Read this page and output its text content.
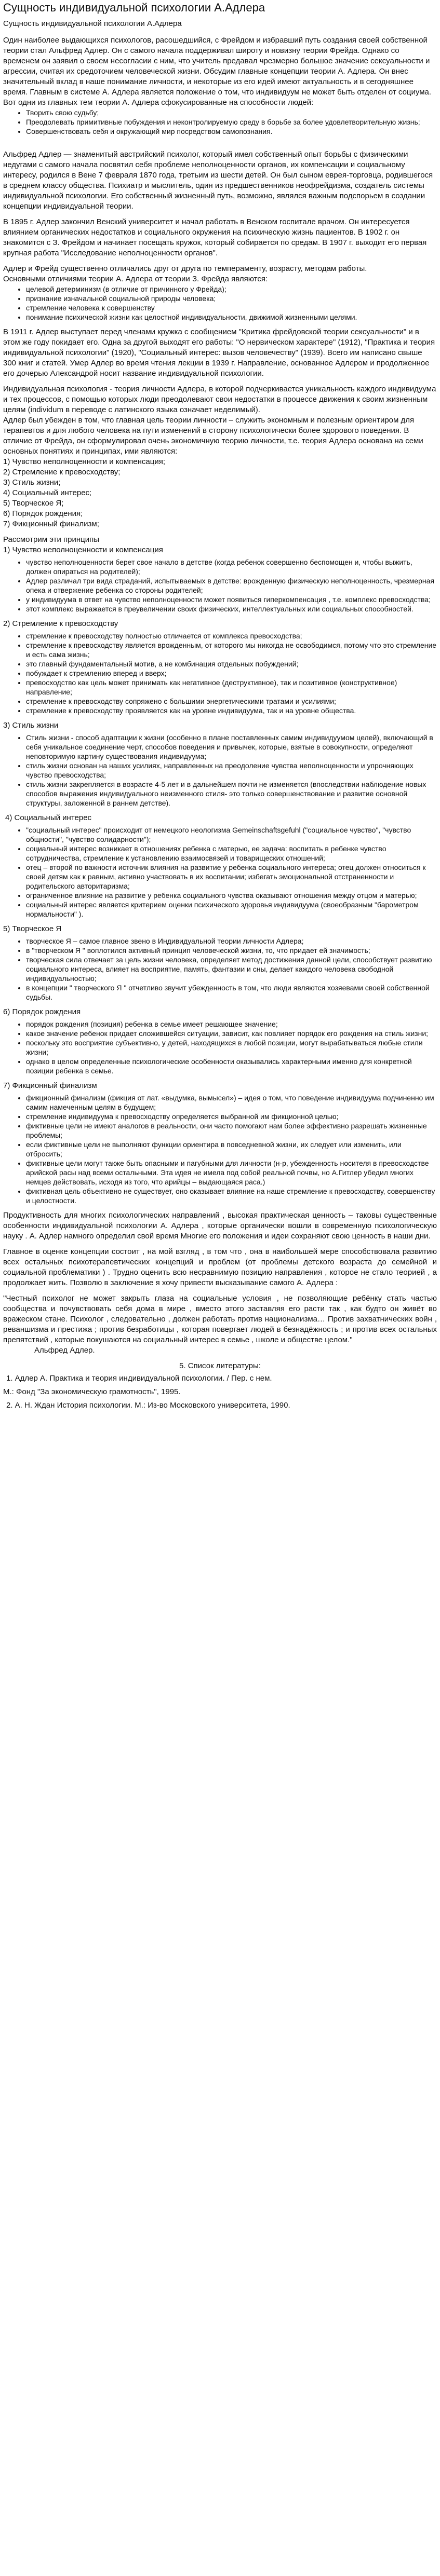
Сущность индивидуальной психологии А.Адлера
Сущность индивидуальной психологии А.Адлера

Один наиболее выдающихся психологов, расошедшийся, с Фрейдом и избравший путь создания своей собственной теории стал Альфред Адлер. Он с самого начала поддерживал широту и новизну теории Фрейда. Однако со временем он заявил о своем несогласии с ним, что учитель предавал чрезмерно большое значение сексуальности и агрессии, считая их средоточием человеческой жизни. Обсудим главные концепции теории А. Адлера. Он внес значительный вклад в наше понимание личности, и некоторые из его идей имеют актуальность и в сегодняшнее время. Главным в системе А. Адлера является положение о том, что индивидуум не может быть отделен от социума. Вот одни из главных тем теории А. Адлера сфокусированные на способности людей:

• Творить свою судьбу;
• Преодолевать примитивные побуждения и неконтролируемую среду в борьбе за более удовлетворительную жизнь;
• Совершенствовать себя и окружающий мир посредством самопознания.

Альфред Адлер — знаменитый австрийский психолог, который имел собственный опыт борьбы с физическими недугами с самого начала посвятил себя проблеме неполноценности органов, их компенсации и социальному интересу, родился в Вене 7 февраля 1870 года, третьим из шести детей. Он был сыном еврея-торговца, родившегося в среднем классу общества. Психиатр и мыслитель, один из предшественников неофрейдизма, создатель системы индивидуальной психологии. Его собственный жизненный путь, возможно, являлся важным подспорьем в создании концепции индивидуальной теории.

В 1895 г. Адлер закончил Венский университет и начал работать в Венском госпитале врачом. Он интересуется влиянием органических недостатков и социального окружения на психическую жизнь пациентов. В 1902 г. он знакомится с З. Фрейдом и начинает посещать кружок, который собирается по средам. В 1907 г. выходит его первая крупная работа "Исследование неполноценности органов".

Адлер и Фрейд существенно отличались друг от друга по темпераменту, возрасту, методам работы.

Основными отличиями теории А. Адлера от теории З. Фрейда являются:

• целевой детерминизм (в отличие от причинного у Фрейда);
• признание изначальной социальной природы человека;
• стремление человека к совершенству
• понимание психической жизни как целостной индивидуальности, движимой жизненными целями.

В 1911 г. Адлер выступает перед членами кружка с сообщением "Критика фрейдовской теории сексуальности" и в этом же году покидает его. Одна за другой выходят его работы: "О нервическом характере" (1912), "Практика и теория индивидуальной психологии" (1920), "Социальный интерес: вызов человечеству" (1939). Всего им написано свыше 300 книг и статей. Умер Адлер во время чтения лекции в 1939 г. Направление, основанное Адлером и продолженное его дочерью Александрой носит название индивидуальной психологии.

Индивидуальная психология - теория личности Адлера, в которой подчеркивается уникальность каждого индивидуума и тех процессов, с помощью которых люди преодолевают свои недостатки в процессе движения к своим жизненным целям (individum в переводе с латинского языка означает неделимый).

Адлер был убежден в том, что главная цель теории личности – служить экономным и полезным ориентиром для терапевтов и для любого человека на пути изменений в сторону психологически более здорового поведения. В отличие от Фрейда, он сформулировал очень экономичную теорию личности, т.е. теория Адлера основана на семи основных понятиях и принципах, ими являются:

1) Чувство неполноценности и компенсация;

2) Стремление к превосходству;

3) Стиль жизни;

4) Социальный интерес;

5) Творческое Я;

6) Порядок рождения;

7) Фикционный финализм;

Рассмотрим эти принципы

1) Чувство неполноценности и компенсация
• чувство неполноценности берет свое начало в детстве (когда ребенок совершенно беспомощен и, чтобы выжить, должен опираться на родителей);
• Адлер различал три вида страданий, испытываемых в детстве: врожденную физическую неполноценность, чрезмерная опека и отвержение ребенка со стороны родителей;
• у индивидуума в ответ на чувство неполноценности может появиться гиперкомпенсация , т.е. комплекс превосходства;
• этот комплекс выражается в преувеличении своих физических, интеллектуальных или социальных способностей.
2) Стремление к превосходству
• стремление к превосходству полностью отличается от комплекса превосходства;
• стремление к превосходству является врожденным, от которого мы никогда не освободимся, потому что это стремление и есть сама жизнь;
• это главный фундаментальный мотив, а не комбинация отдельных побуждений;
• побуждает к стремлению вперед и вверх;
• превосходство как цель может принимать как негативное (деструктивное), так и позитивное (конструктивное) направление;
• стремление к превосходству сопряжено с большими энергетическими тратами и усилиями;
• стремление к превосходству проявляется как на уровне индивидуума, так и на уровне общества.
3) Стиль жизни
• Стиль жизни - способ адаптации к жизни (особенно в плане поставленных самим индивидуумом целей), включающий в себя уникальное соединение черт, способов поведения и привычек, которые, взятые в совокупности, определяют неповторимую картину существования индивидуума;
• стиль жизни основан на наших усилиях, направленных на преодоление чувства неполноценности и упрочняющих чувство превосходства;
• стиль жизни закрепляется в возрасте 4-5 лет и в дальнейшем почти не изменяется (впоследствии наблюдение новых способов выражения индивидуального неизменного стиля- это только совершенствование и развитие основной структуры, заложенной в раннем детстве).
4) Социальный интерес
• "социальный интерес" происходит от немецкого неологизма Gemeinschaftsgefuhl ("социальное чувство", "чувство общности", "чувство солидарности");
• социальный интерес возникает в отношениях ребенка с матерью, ее задача: воспитать в ребенке чувство сотрудничества, стремление к установлению взаимосвязей и товарищеских отношений;
• отец – второй по важности источник влияния на развитие у ребенка социального интереса; отец должен относиться к своей детям как к равным, активно участвовать в их воспитании; избегать эмоциональной отстраненности и родительского авторитаризма;
• ограниченное влияние на развитие у ребенка социального чувства оказывают отношения между отцом и матерью;
• социальный интерес является критерием оценки психического здоровья индивидуума (своеобразным "барометром нормальности" ).
5) Творческое Я
• творческое Я – самое главное звено в Индивидуальной теории личности Адлера;
• в "творческом Я " воплотился активный принцип человеческой жизни, то, что придает ей значимость;
• творческая сила отвечает за цель жизни человека, определяет метод достижения данной цели, способствует развитию социального интереса, влияет на восприятие, память, фантазии и сны, делает каждого человека свободной индивидуальностью;
• в концепции " творческого Я " отчетливо звучит убежденность в том, что люди являются хозяевами своей собственной судьбы.
6) Порядок рождения
• порядок рождения (позиция) ребенка в семье имеет решающее значение;
• какое значение ребенок придает сложившейся ситуации, зависит, как повлияет порядок его рождения на стиль жизни;
• поскольку это восприятие субъективно, у детей, находящихся в любой позиции, могут вырабатываться любые стили жизни;
• однако в целом определенные психологические особенности оказывались характерными именно для конкретной позиции ребенка в семье.
7) Фикционный финализм
• фикционный финализм (фикция от лат. «выдумка, вымысел») – идея о том, что поведение индивидуума подчиненно им самим намеченным целям в будущем;
• стремление индивидуума к превосходству определяется выбранной им фикционной целью;
• фиктивные цели не имеют аналогов в реальности, они часто помогают нам более эффективно разрешать жизненные проблемы;
• если фиктивные цели не выполняют функции ориентира в повседневной жизни, их следует или изменить, или отбросить;
• фиктивные цели могут также быть опасными и пагубными для личности (н-р, убежденность носителя в превосходстве арийской расы над всеми остальными. Эта идея не имела под собой реальной почвы, но А.Гитлер убедил многих немцев действовать, исходя из того, что арийцы – выдающаяся раса.)
• фиктивная цель объективно не существует, оно оказывает влияние на наше стремление к превосходству, совершенству и целостности.

Продуктивность для многих психологических направлений , высокая практическая ценность – таковы существенные особенности индивидуальной психологии А. Адлера , которые органически вошли в современную психологическую науку . А. Адлер намного определил свой время Многие его положения и идеи сохраняют свою ценность в наши дни.

Главное в оценке концепции состоит , на мой взгляд , в том что , она в наибольшей мере способствовала развитию всех остальных психотерапевтических концепций и проблем (от проблемы детского возраста до семейной и социальной проблематики ) . Трудно оценить всю несравнимую позицию направления , которое не стало теорией , а продолжает жить. Позволю в заключение я хочу привести высказывание самого А. Адлера :

"Честный психолог не может закрыть глаза на социальные условия , не позволяющие ребёнку стать частью сообщества и почувствовать себя дома в мире , вместо этого заставляя его расти так , как будто он живёт во вражеском стане. Психолог , следовательно , должен работать против национализма… Против захватнических войн , реваншизма и престижа ; против безработицы , которая повергает людей в безнадёжность ; и против всех остальных препятствий , которые покушаются на социальный интерес в семье , школе и обществе целом."

Альфред Адлер.
5. Список литературы:
1. Адлер А. Практика и теория индивидуальной психологии. / Пер. с нем.
М.: Фонд "За экономическую грамотность", 1995.
2. А. Н. Ждан История психологии. М.: Из-во Московского университета, 1990.
